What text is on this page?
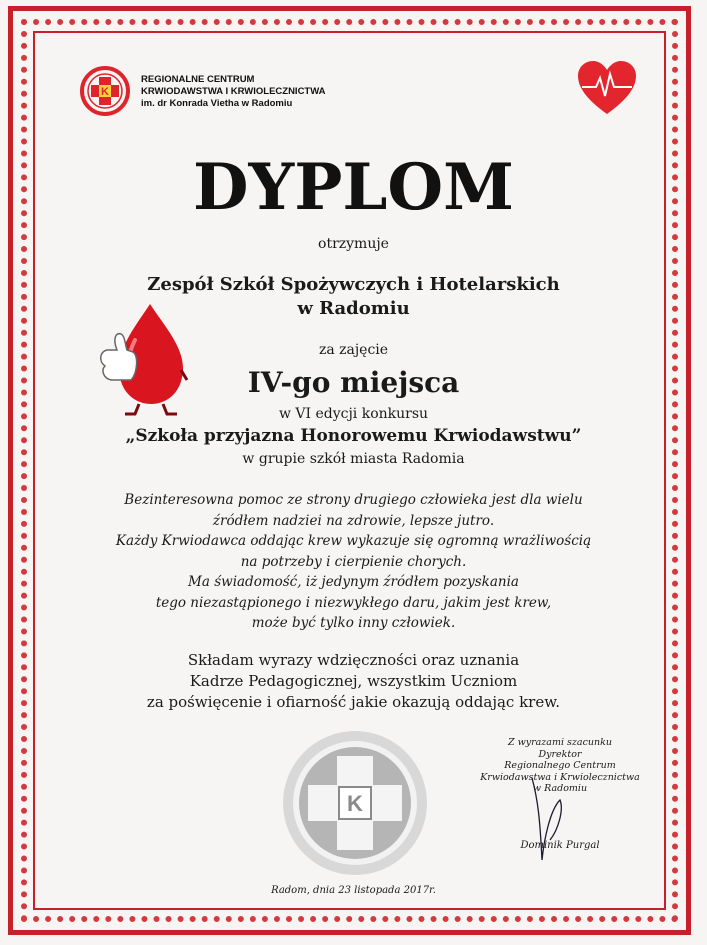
K
REGIONALNE CENTRUM
KRWIODAWSTWA I KRWIOLECZNICTWA
im. dr Konrada Vietha w Radomiu
DYPLOM
otrzymuje
Zespół Szkół Spożywczych i Hotelarskich
w Radomiu
za zajęcie
IV-go miejsca
w VI edycji konkursu
„Szkoła przyjazna Honorowemu Krwiodawstwu”
w grupie szkół miasta Radomia
Bezinteresowna pomoc ze strony drugiego człowieka jest dla wielu
źródłem nadziei na zdrowie, lepsze jutro.
Każdy Krwiodawca oddając krew wykazuje się ogromną wrażliwością
na potrzeby i cierpienie chorych.
Ma świadomość, iż jedynym źródłem pozyskania
tego niezastąpionego i niezwykłego daru, jakim jest krew,
może być tylko inny człowiek.
Składam wyrazy wdzięczności oraz uznania
Kadrze Pedagogicznej, wszystkim Uczniom
za poświęcenie i ofiarność jakie okazują oddając krew.
K
Z wyrazami szacunku
Dyrektor
Regionalnego Centrum
Krwiodawstwa i Krwiolecznictwa
w Radomiu
Dominik Purgal
Radom, dnia 23 listopada 2017r.
